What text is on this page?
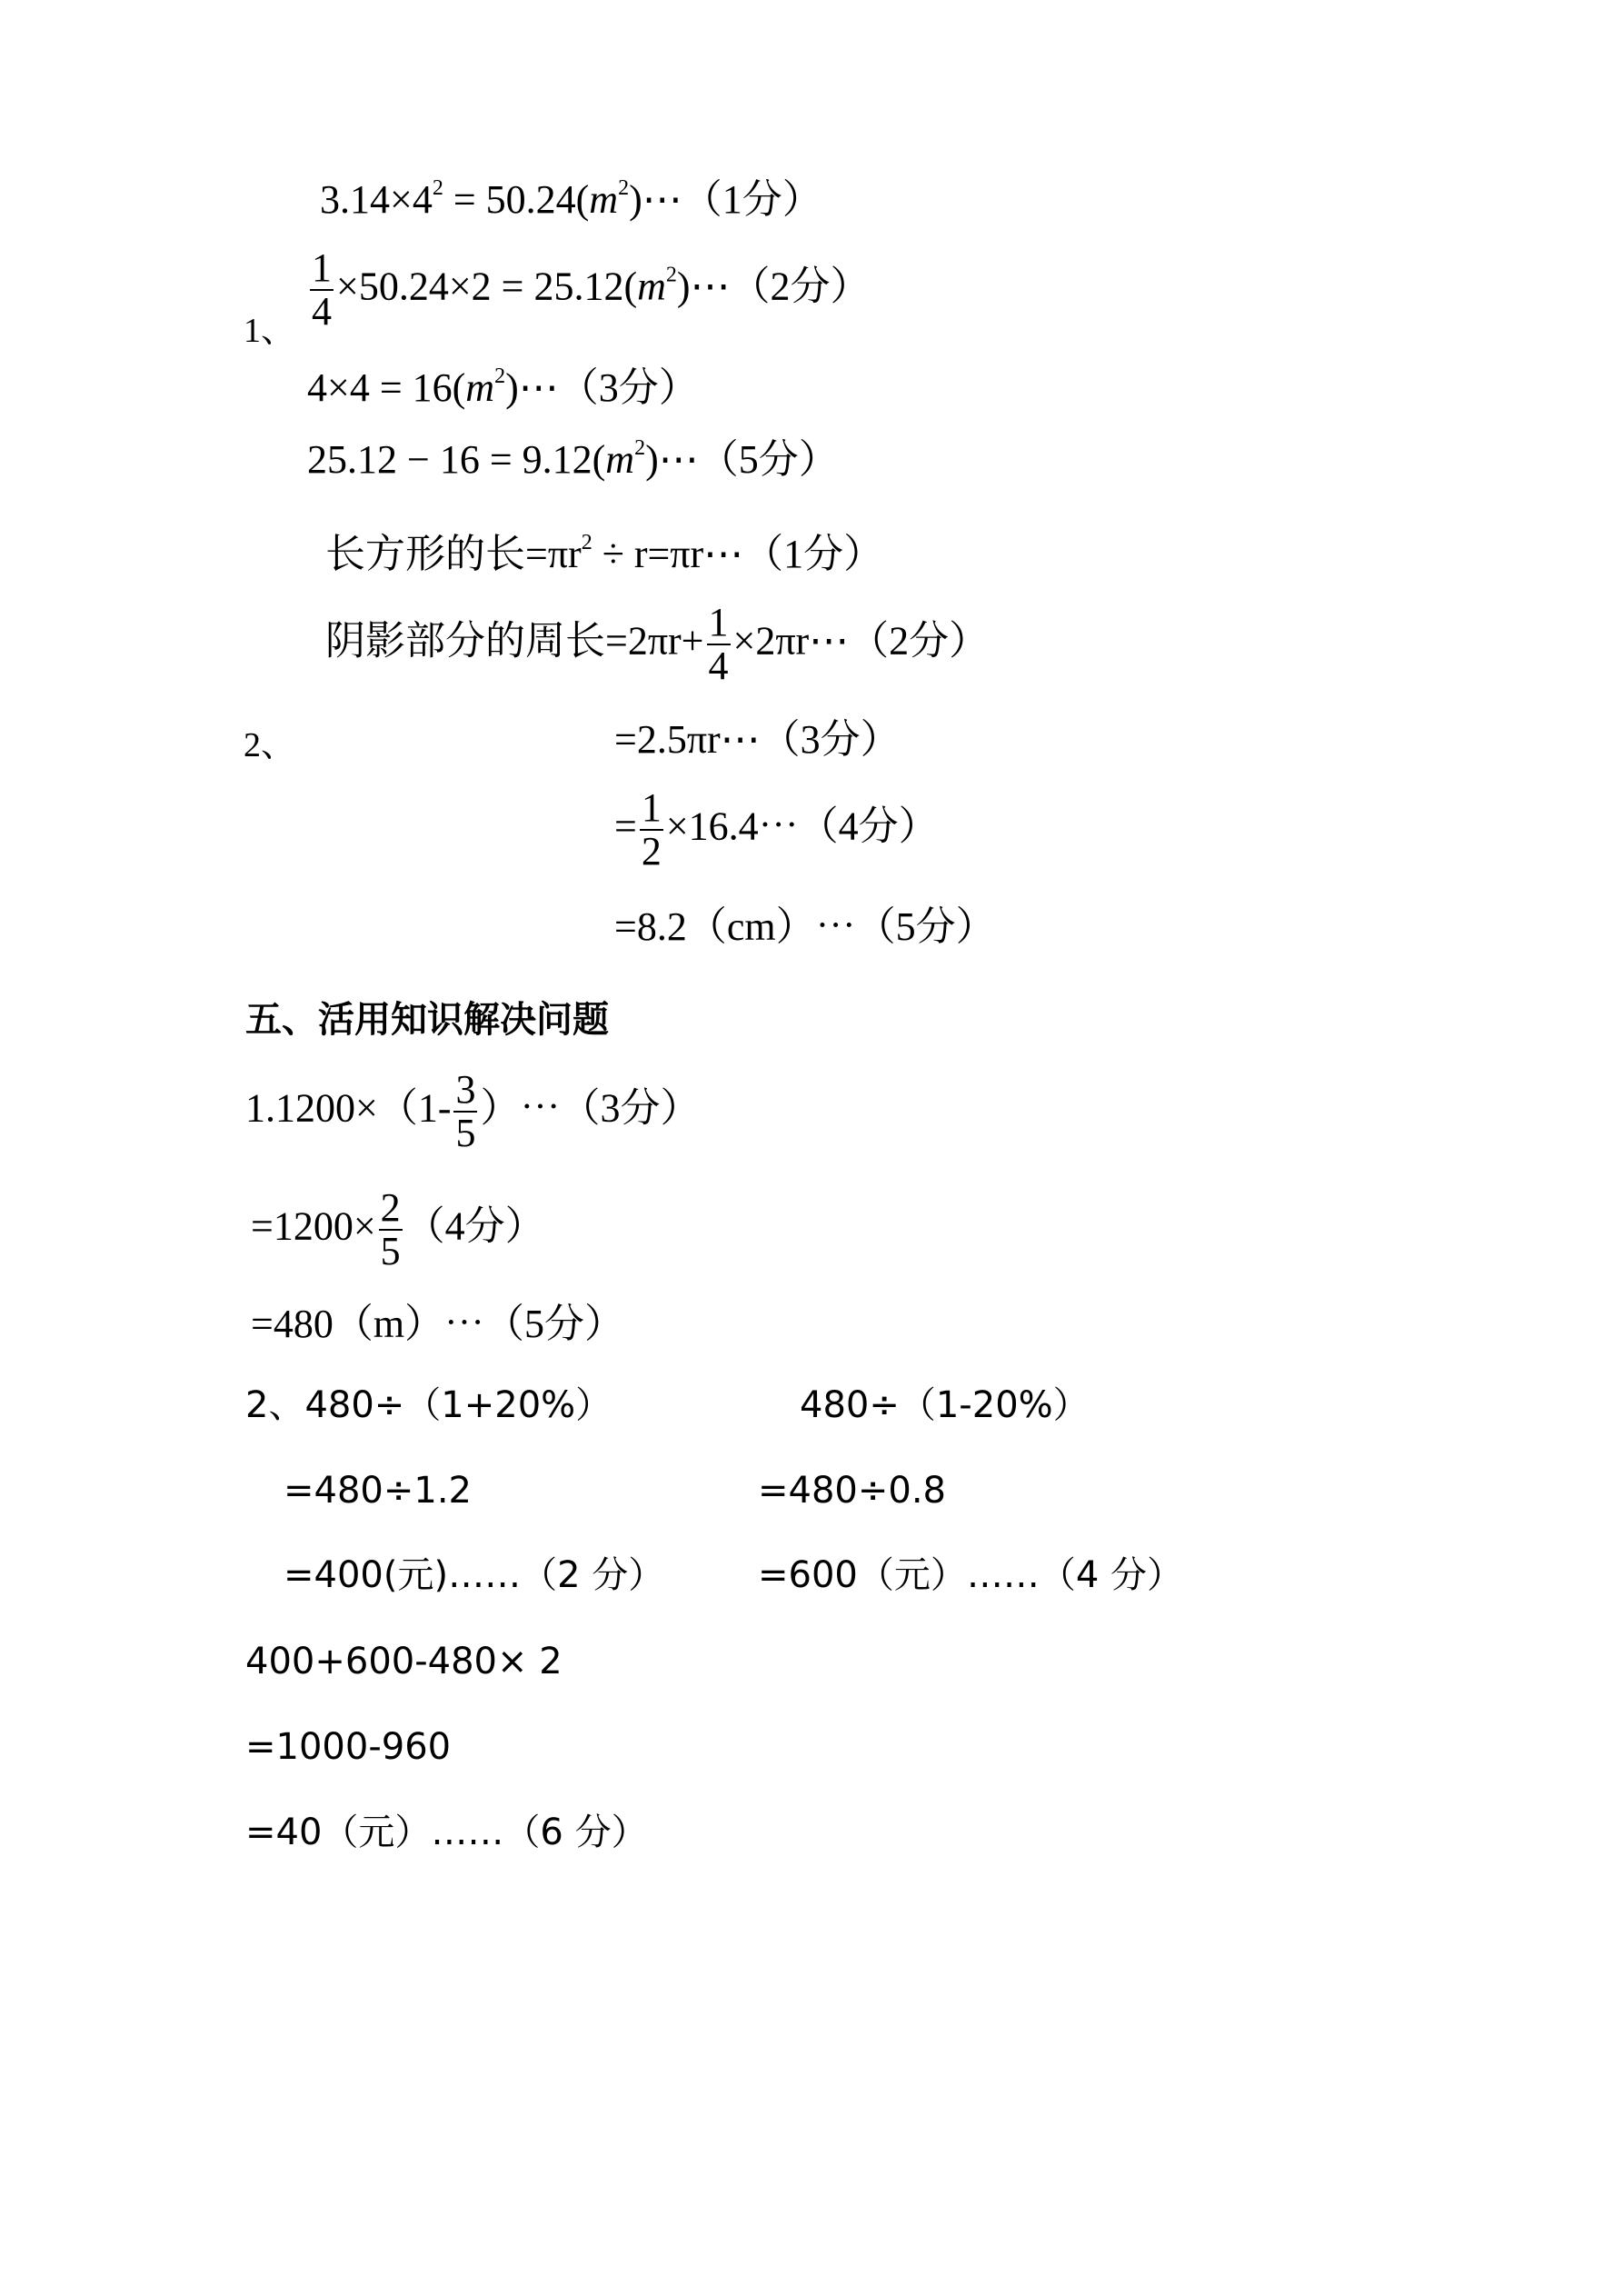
1、
$3.14\times 4^2$ = $50.24(m^2)\cdots(1$分）
$\frac{1}{4} \times 50.24\times 2$ = $25.12(m^2)\cdots(2$分）
$4\times 4 = 16(m^2)\cdots(3$分）
$25.12 - 16 = 9.12(m^2)\cdots(5$分）
2、
长方形的长$=\pi r^2$ ÷ r=πr⋯（1分）
阴影部分的周长$=2\pi r+ \frac{1}{4}$ ×2πr⋯（2分）
=2.5πr⋯（3分）
= $\frac{1}{2}$ ×16.4⋯（4分）
=8.2（cm）⋯（5分）
五、活用知识解决问题
$1.1200\times(1- \frac{3}{5}$ ）⋯（3分）
$=1200\times \frac{2}{5} (4$分）
=480（m）⋯（5分）
2、480÷（1+20%）
=480÷1.2
=400(元)……（2 分）
480÷（1-20%）
=480÷0.8
=600（元）……（4 分）
400+600-480× 2
=1000-960
=40（元）……（6 分）
